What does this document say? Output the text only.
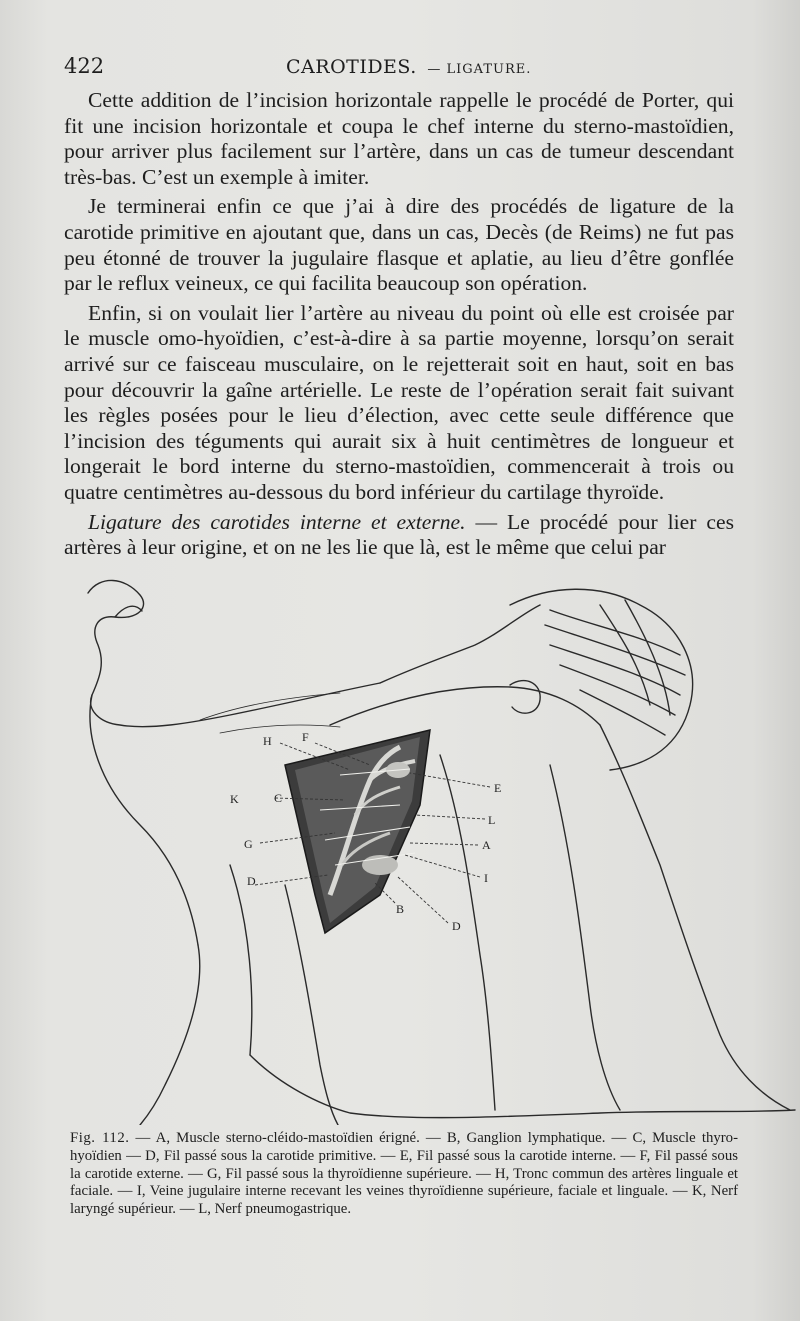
422	CAROTIDES. — LIGATURE.

Cette addition de l’incision horizontale rappelle le procédé de Porter, qui fit une incision horizontale et coupa le chef interne du sterno-mastoïdien, pour arriver plus facilement sur l’artère, dans un cas de tumeur descendant très-bas. C’est un exemple à imiter.

Je terminerai enfin ce que j’ai à dire des procédés de ligature de la carotide primitive en ajoutant que, dans un cas, Decès (de Reims) ne fut pas peu étonné de trouver la jugulaire flasque et aplatie, au lieu d’être gonflée par le reflux veineux, ce qui facilita beaucoup son opération.

Enfin, si on voulait lier l’artère au niveau du point où elle est croisée par le muscle omo-hyoïdien, c’est-à-dire à sa partie moyenne, lorsqu’on serait arrivé sur ce faisceau musculaire, on le rejetterait soit en haut, soit en bas pour découvrir la gaîne artérielle. Le reste de l’opération serait fait suivant les règles posées pour le lieu d’élection, avec cette seule différence que l’incision des téguments qui aurait six à huit centimètres de longueur et longerait le bord interne du sterno-mastoïdien, commencerait à trois ou quatre centimètres au-dessous du bord inférieur du cartilage thyroïde.

Ligature des carotides interne et externe. — Le procédé pour lier ces artères à leur origine, et on ne les lie que là, est le même que celui par

H	F
K	C
G
D
E
L
A
I
B
D
Fig. 112. — A, Muscle sterno-cléido-mastoïdien érigné. — B, Ganglion lymphatique. — C, Muscle thyro-hyoïdien — D, Fil passé sous la carotide primitive. — E, Fil passé sous la carotide interne. — F, Fil passé sous la carotide externe. — G, Fil passé sous la thyroïdienne supérieure. — H, Tronc commun des artères linguale et faciale. — I, Veine jugulaire interne recevant les veines thyroïdienne supérieure, faciale et linguale. — K, Nerf laryngé supérieur. — L, Nerf pneumogastrique.
